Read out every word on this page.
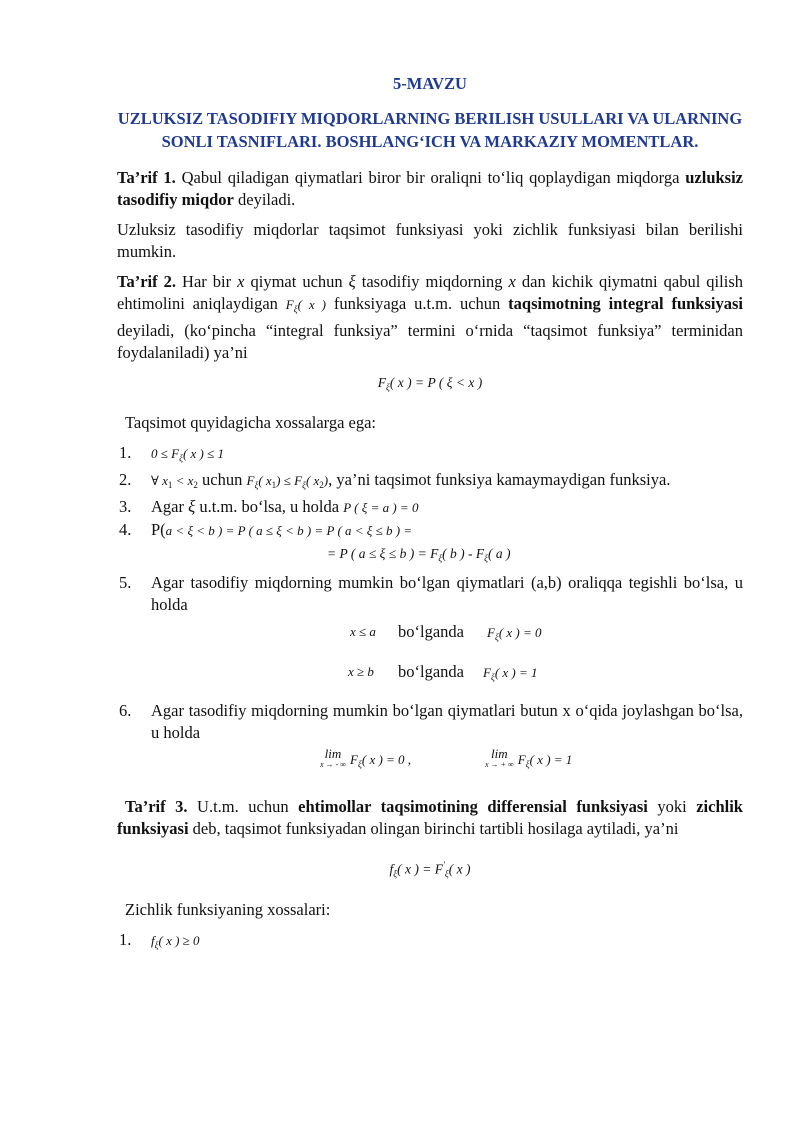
5-MAVZU
UZLUKSIZ TASODIFIY MIQDORLARNING BERILISH USULLARI VA ULARNING SONLI TASNIFLARI. BOSHLANG‘ICH VA MARKAZIY MOMENTLAR.

Ta’rif 1. Qabul qiladigan qiymatlari biror bir oraliqni to‘liq qoplaydigan miqdorga uzluksiz tasodifiy miqdor deyiladi.

Uzluksiz tasodifiy miqdorlar taqsimot funksiyasi yoki zichlik funksiyasi bilan berilishi mumkin.

Ta’rif 2. Har bir x qiymat uchun ξ tasodifiy miqdorning x dan kichik qiymatni qabul qilish ehtimolini aniqlaydigan $F_\xi$( x ) funksiyaga u.t.m. uchun taqsimotning integral funksiyasi deyiladi, (ko‘pincha “integral funksiya” termini o‘rnida “taqsimot funksiya” terminidan foydalaniladi) ya’ni

$F_\xi$( x ) = P ( ξ < x )

Taqsimot quyidagicha xossalarga ega:

1.	$0 \le F_\xi$( x ) ≤ 1
2.	∀ x1 < x2 uchun $F_\xi$( $x1) \le F_\xi$( x2), ya’ni taqsimot funksiya kamaymaydigan funksiya.
3.	Agar ξ u.t.m. bo‘lsa, u holda P ( ξ = a ) = 0
4.	P(a < ξ < b ) = P ( a ≤ ξ < b ) = P ( a < ξ ≤ b ) =
= P ( a ≤ ξ ≤ b ) = $F_\xi$( b ) - $F_\xi$( a )
5.	Agar tasodifiy miqdorning mumkin bo‘lgan qiymatlari (a,b) oraliqqa tegishli bo‘lsa, u holda
x ≤ a	bo‘lganda	$F_\xi$( x ) = 0
x ≥ b	bo‘lganda	$F_\xi$( x ) = 1
6.	Agar tasodifiy miqdorning mumkin bo‘lgan qiymatlari butun x o‘qida joylashgan bo‘lsa, u holda
lim
x → - ∞ $F_\xi$( x ) = 0 ,	lim
x → + ∞ $F_\xi$( x ) = 1

Ta’rif 3. U.t.m. uchun ehtimollar taqsimotining differensial funksiyasi yoki zichlik funksiyasi deb, taqsimot funksiyadan olingan birinchi tartibli hosilaga aytiladi, ya’ni

$f_\xi$( x ) = $F'_\xi$( x )

Zichlik funksiyaning xossalari:

1.	$f_\xi$( x ) ≥ 0
